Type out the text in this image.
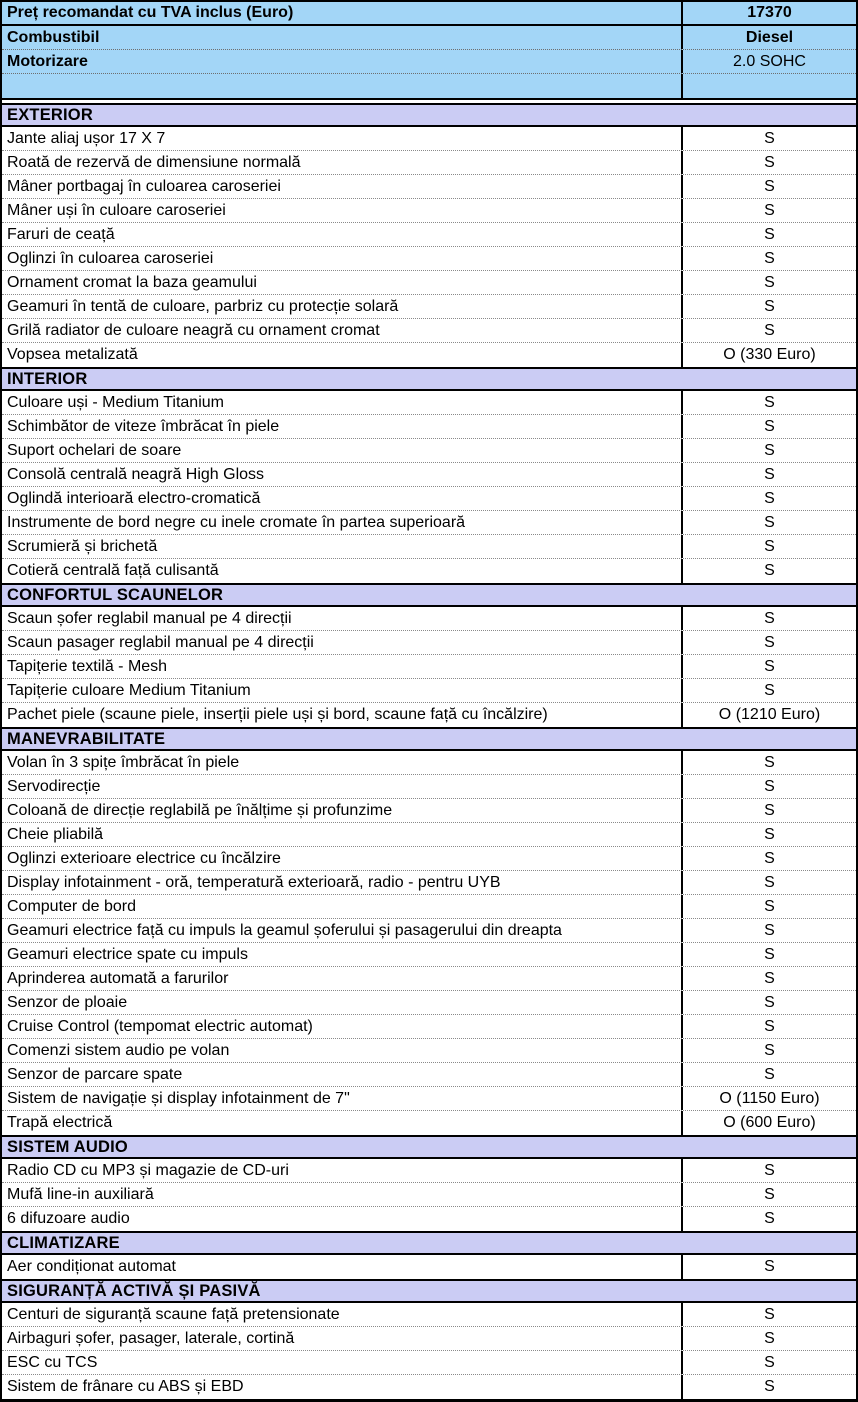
Preț recomandat cu TVA inclus (Euro)	17370
Combustibil	Diesel
Motorizare	2.0 SOHC
EXTERIOR
Jante aliaj ușor 17 X 7	S
Roată de rezervă de dimensiune normală	S
Mâner portbagaj în culoarea caroseriei	S
Mâner uși în culoare caroseriei	S
Faruri de ceață	S
Oglinzi în culoarea caroseriei	S
Ornament cromat la baza geamului	S
Geamuri în tentă de culoare, parbriz cu protecție solară	S
Grilă radiator de culoare neagră cu ornament cromat	S
Vopsea metalizată	O (330 Euro)
INTERIOR
Culoare uși - Medium Titanium	S
Schimbător de viteze îmbrăcat în piele	S
Suport ochelari de soare	S
Consolă centrală neagră High Gloss	S
Oglindă interioară electro-cromatică	S
Instrumente de bord negre cu inele cromate în partea superioară	S
Scrumieră și brichetă	S
Cotieră centrală față culisantă	S
CONFORTUL SCAUNELOR
Scaun șofer reglabil manual pe 4 direcții	S
Scaun pasager reglabil manual pe 4 direcții	S
Tapițerie textilă - Mesh	S
Tapițerie culoare Medium Titanium	S
Pachet piele (scaune piele, inserții piele uși și bord, scaune față cu încălzire)	O (1210 Euro)
MANEVRABILITATE
Volan în 3 spițe îmbrăcat în piele	S
Servodirecție	S
Coloană de direcție reglabilă pe înălțime și profunzime	S
Cheie pliabilă	S
Oglinzi exterioare electrice cu încălzire	S
Display infotainment - oră, temperatură exterioară, radio - pentru UYB	S
Computer de bord	S
Geamuri electrice față cu impuls la geamul șoferului și pasagerului din dreapta	S
Geamuri electrice spate cu impuls	S
Aprinderea automată a farurilor	S
Senzor de ploaie	S
Cruise Control (tempomat electric automat)	S
Comenzi sistem audio pe volan	S
Senzor de parcare spate	S
Sistem de navigație și display infotainment de 7"	O (1150 Euro)
Trapă electrică	O (600 Euro)
SISTEM AUDIO
Radio CD cu MP3 și magazie de CD-uri	S
Mufă line-in auxiliară	S
6 difuzoare audio	S
CLIMATIZARE
Aer condiționat automat	S
SIGURANȚĂ ACTIVĂ ȘI PASIVĂ
Centuri de siguranță scaune față pretensionate	S
Airbaguri șofer, pasager, laterale, cortină	S
ESC cu TCS	S
Sistem de frânare cu ABS și EBD	S
